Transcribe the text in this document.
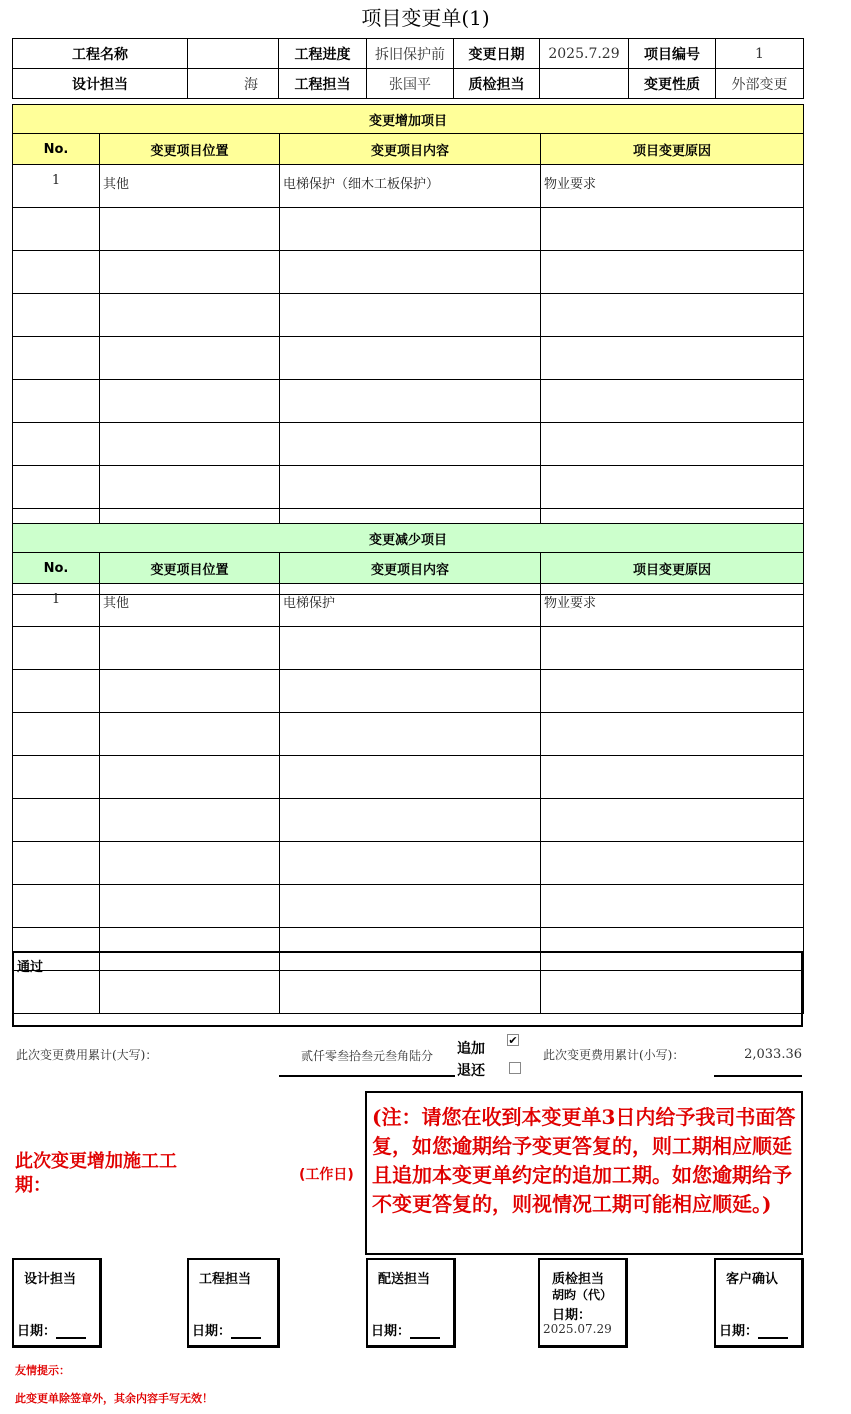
项目变更单(1)
工程名称		工程进度	拆旧保护前	变更日期	2025.7.29	项目编号	1
设计担当	海	工程担当	张国平	质检担当		变更性质	外部变更
变更增加项目			
No.	变更项目位置	变更项目内容	项目变更原因
1	其他	电梯保护（细木工板保护）	物业要求

变更减少项目			
No.	变更项目位置	变更项目内容	项目变更原因
1	其他	电梯保护	物业要求

通过
此次变更费用累计(大写)：	贰仟零叁拾叁元叁角陆分	追加
✔
退还
此次变更费用累计(小写)：	2,033.36
此次变更增加施工工期：	(工作日)
(注：请您在收到本变更单3日内给予我司书面答复，如您逾期给予变更答复的，则工期相应顺延且追加本变更单约定的追加工期。如您逾期给予不变更答复的，则视情况工期可能相应顺延。)
设计担当
日期：
工程担当
日期：
配送担当
日期：
质检担当
胡昀（代）
日期：
2025.07.29
客户确认
日期：
友情提示：
此变更单除签章外，其余内容手写无效！
